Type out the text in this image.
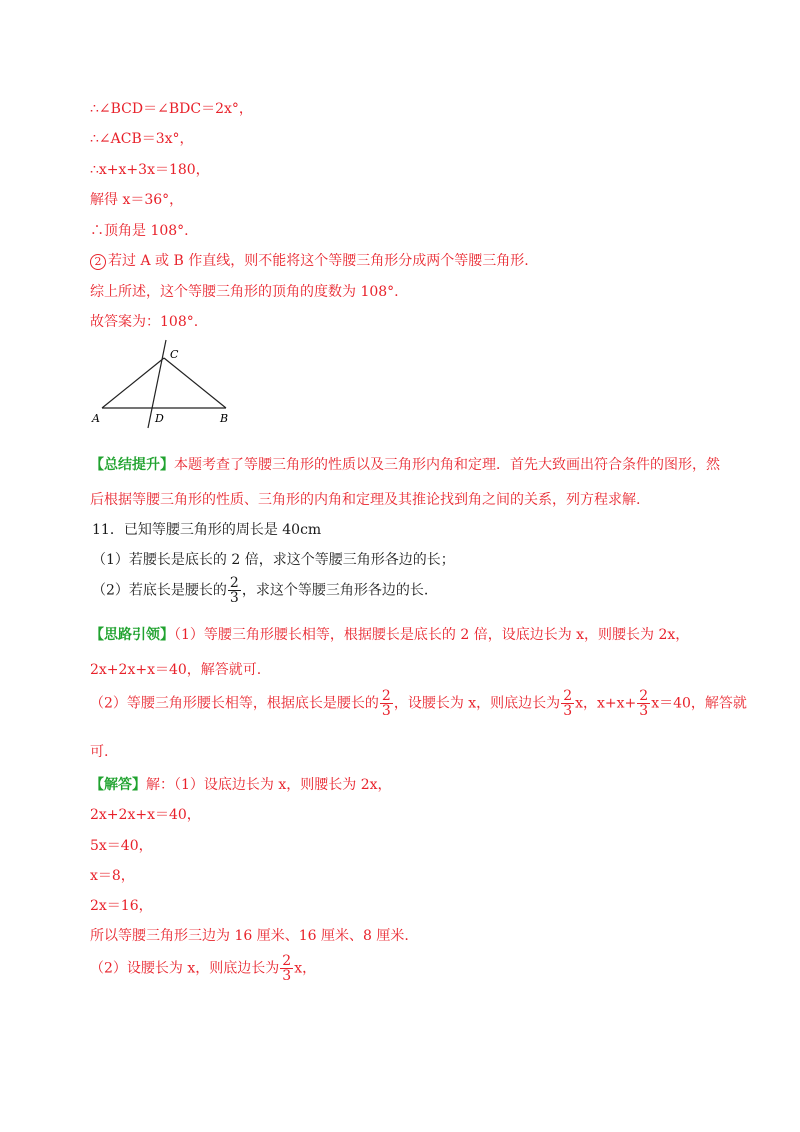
∴∠BCD＝∠BDC＝2x°，
∴∠ACB＝3x°，
∴x+x+3x＝180，
解得 x＝36°，
∴顶角是 108°.
2 若过 A 或 B 作直线，则不能将这个等腰三角形分成两个等腰三角形.
综上所述，这个等腰三角形的顶角的度数为 108°.
故答案为：108°.
A	B
C
D
【总结提升】本题考查了等腰三角形的性质以及三角形内角和定理．首先大致画出符合条件的图形，然
后根据等腰三角形的性质、三角形的内角和定理及其推论找到角之间的关系，列方程求解.
11．已知等腰三角形的周长是 40cm
（1）若腰长是底长的 2 倍，求这个等腰三角形各边的长；
（2）若底长是腰长的 $\frac{2}{3}$ ，求这个等腰三角形各边的长.
【思路引领】（1）等腰三角形腰长相等，根据腰长是底长的 2 倍，设底边长为 x，则腰长为 2x，
2x+2x+x＝40，解答就可.
（2）等腰三角形腰长相等，根据底长是腰长的 $\frac{2}{3}$ ，设腰长为 x，则底边长为 $\frac{2}{3}$ x，$x+x+ \frac{2}{3} x=40$，解答就
可.
【解答】解：（1）设底边长为 x，则腰长为 2x，
2x+2x+x＝40，
5x＝40，
x＝8，
2x＝16，
所以等腰三角形三边为 16 厘米、16 厘米、8 厘米.
（2）设腰长为 x，则底边长为 $\frac{2}{3}$ x，
